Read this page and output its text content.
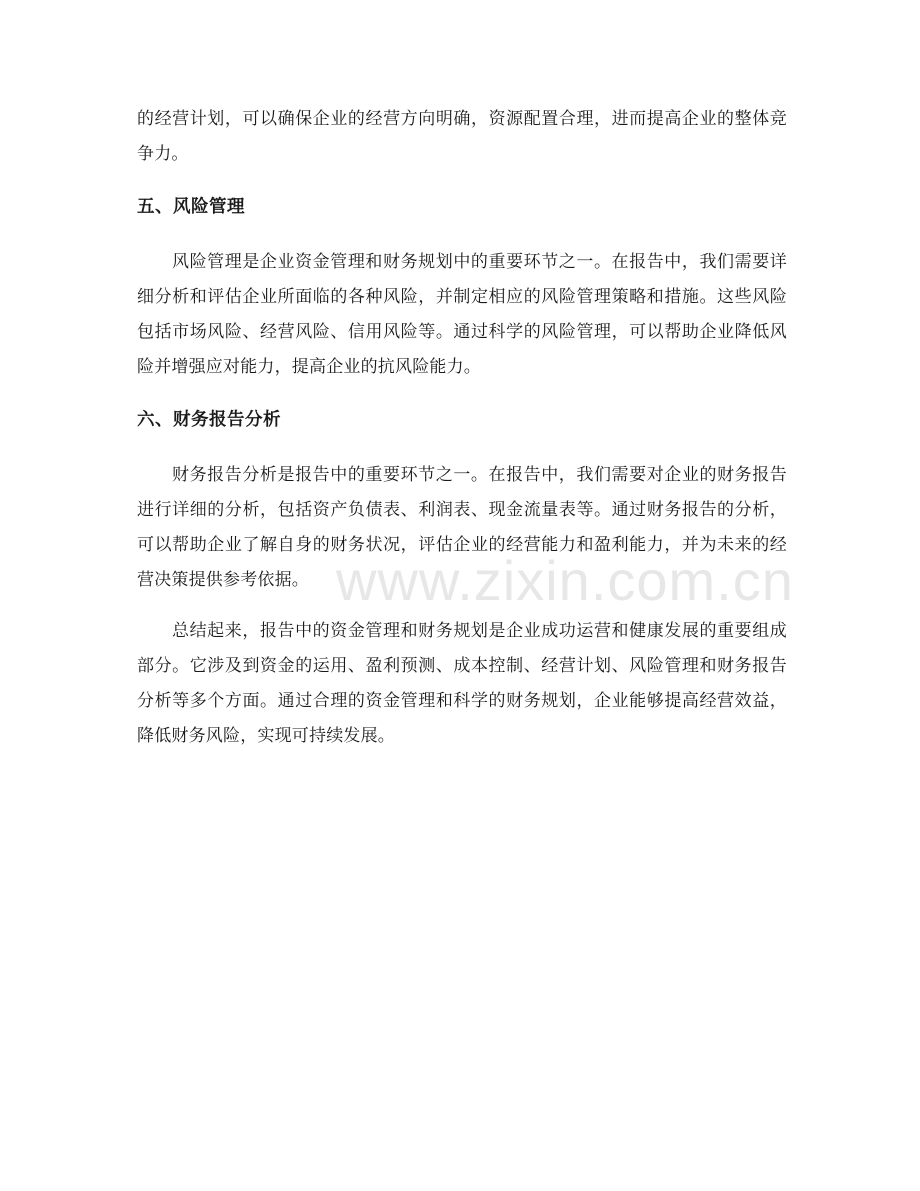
的经营计划，可以确保企业的经营方向明确，资源配置合理，进而提高企业的整体竞争力。

五、风险管理

风险管理是企业资金管理和财务规划中的重要环节之一。在报告中，我们需要详细分析和评估企业所面临的各种风险，并制定相应的风险管理策略和措施。这些风险包括市场风险、经营风险、信用风险等。通过科学的风险管理，可以帮助企业降低风险并增强应对能力，提高企业的抗风险能力。

六、财务报告分析

财务报告分析是报告中的重要环节之一。在报告中，我们需要对企业的财务报告进行详细的分析，包括资产负债表、利润表、现金流量表等。通过财务报告的分析，可以帮助企业了解自身的财务状况，评估企业的经营能力和盈利能力，并为未来的经营决策提供参考依据。

总结起来，报告中的资金管理和财务规划是企业成功运营和健康发展的重要组成部分。它涉及到资金的运用、盈利预测、成本控制、经营计划、风险管理和财务报告分析等多个方面。通过合理的资金管理和科学的财务规划，企业能够提高经营效益，降低财务风险，实现可持续发展。

www.zixin.com.cn
